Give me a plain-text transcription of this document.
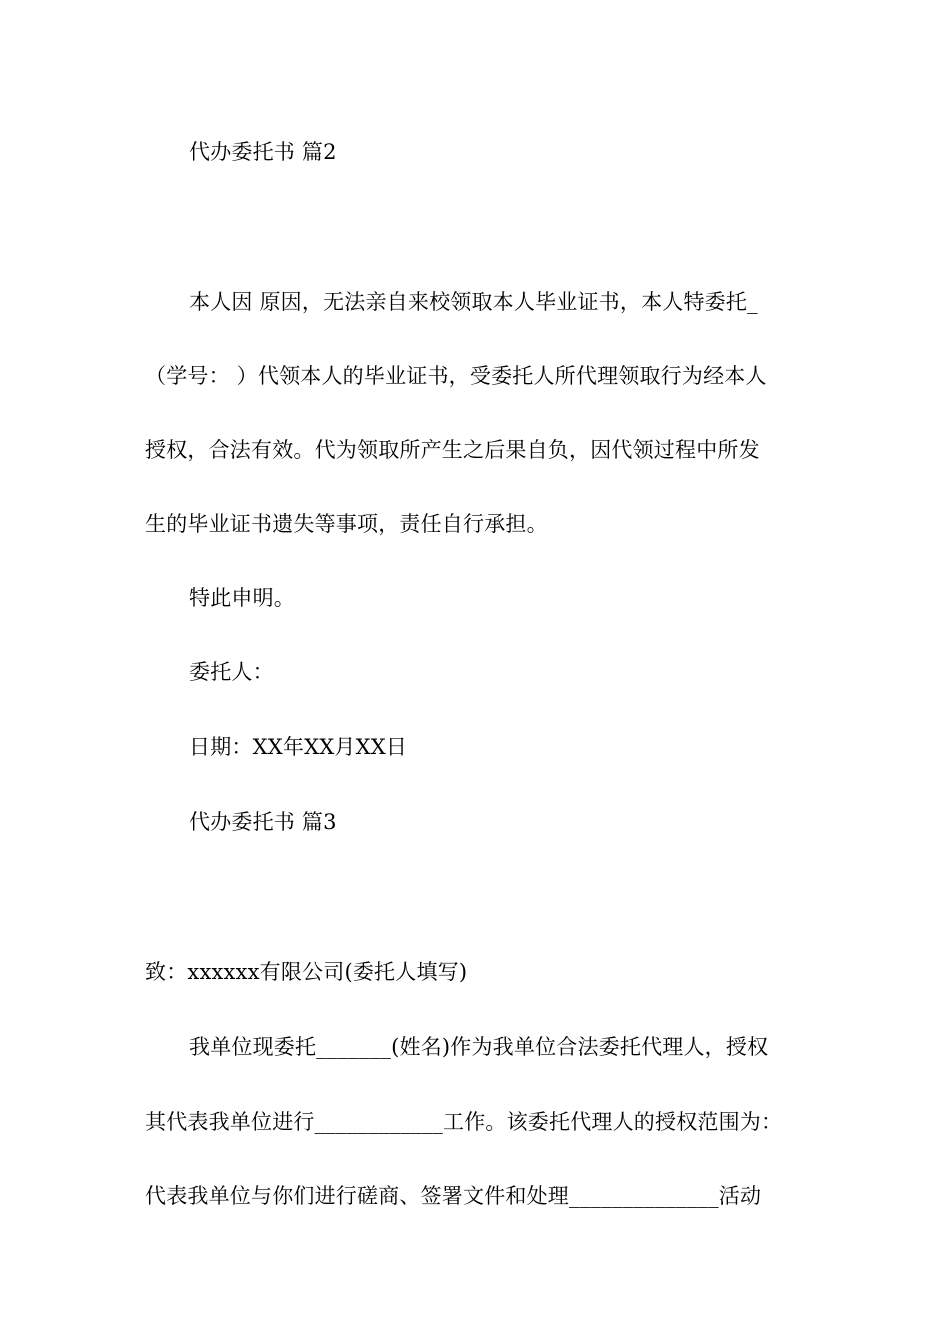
代办委托书 篇2
本人因 原因，无法亲自来校领取本人毕业证书，本人特委托_
（学号： ）代领本人的毕业证书，受委托人所代理领取行为经本人
授权，合法有效。代为领取所产生之后果自负，因代领过程中所发
生的毕业证书遗失等事项，责任自行承担。
特此申明。
委托人：
日期：XX年XX月XX日
代办委托书 篇3
致：xxxxxx有限公司(委托人填写)
我单位现委托_______(姓名)作为我单位合法委托代理人，授权
其代表我单位进行____________工作。该委托代理人的授权范围为：
代表我单位与你们进行磋商、签署文件和处理______________活动
